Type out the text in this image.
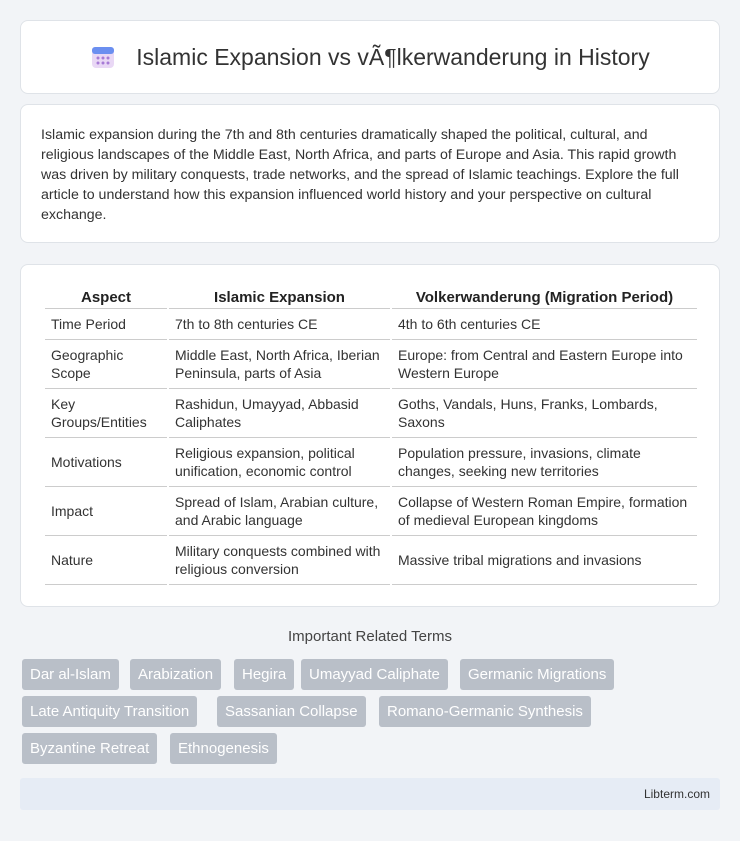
Islamic Expansion vs vÃ¶lkerwanderung in History

Islamic expansion during the 7th and 8th centuries dramatically shaped the political, cultural, and religious landscapes of the Middle East, North Africa, and parts of Europe and Asia. This rapid growth was driven by military conquests, trade networks, and the spread of Islamic teachings. Explore the full article to understand how this expansion influenced world history and your perspective on cultural exchange.

Aspect	Islamic Expansion	Volkerwanderung (Migration Period)
Time Period	7th to 8th centuries CE	4th to 6th centuries CE
Geographic Scope	Middle East, North Africa, Iberian Peninsula, parts of Asia	Europe: from Central and Eastern Europe into Western Europe
Key Groups/Entities	Rashidun, Umayyad, Abbasid Caliphates	Goths, Vandals, Huns, Franks, Lombards, Saxons
Motivations	Religious expansion, political unification, economic control	Population pressure, invasions, climate changes, seeking new territories
Impact	Spread of Islam, Arabian culture, and Arabic language	Collapse of Western Roman Empire, formation of medieval European kingdoms
Nature	Military conquests combined with religious conversion	Massive tribal migrations and invasions
Important Related Terms
Dar al-Islam	Arabization	Hegira	Umayyad Caliphate	Germanic Migrations
Late Antiquity Transition	Sassanian Collapse	Romano-Germanic Synthesis
Byzantine Retreat	Ethnogenesis
Libterm.com
